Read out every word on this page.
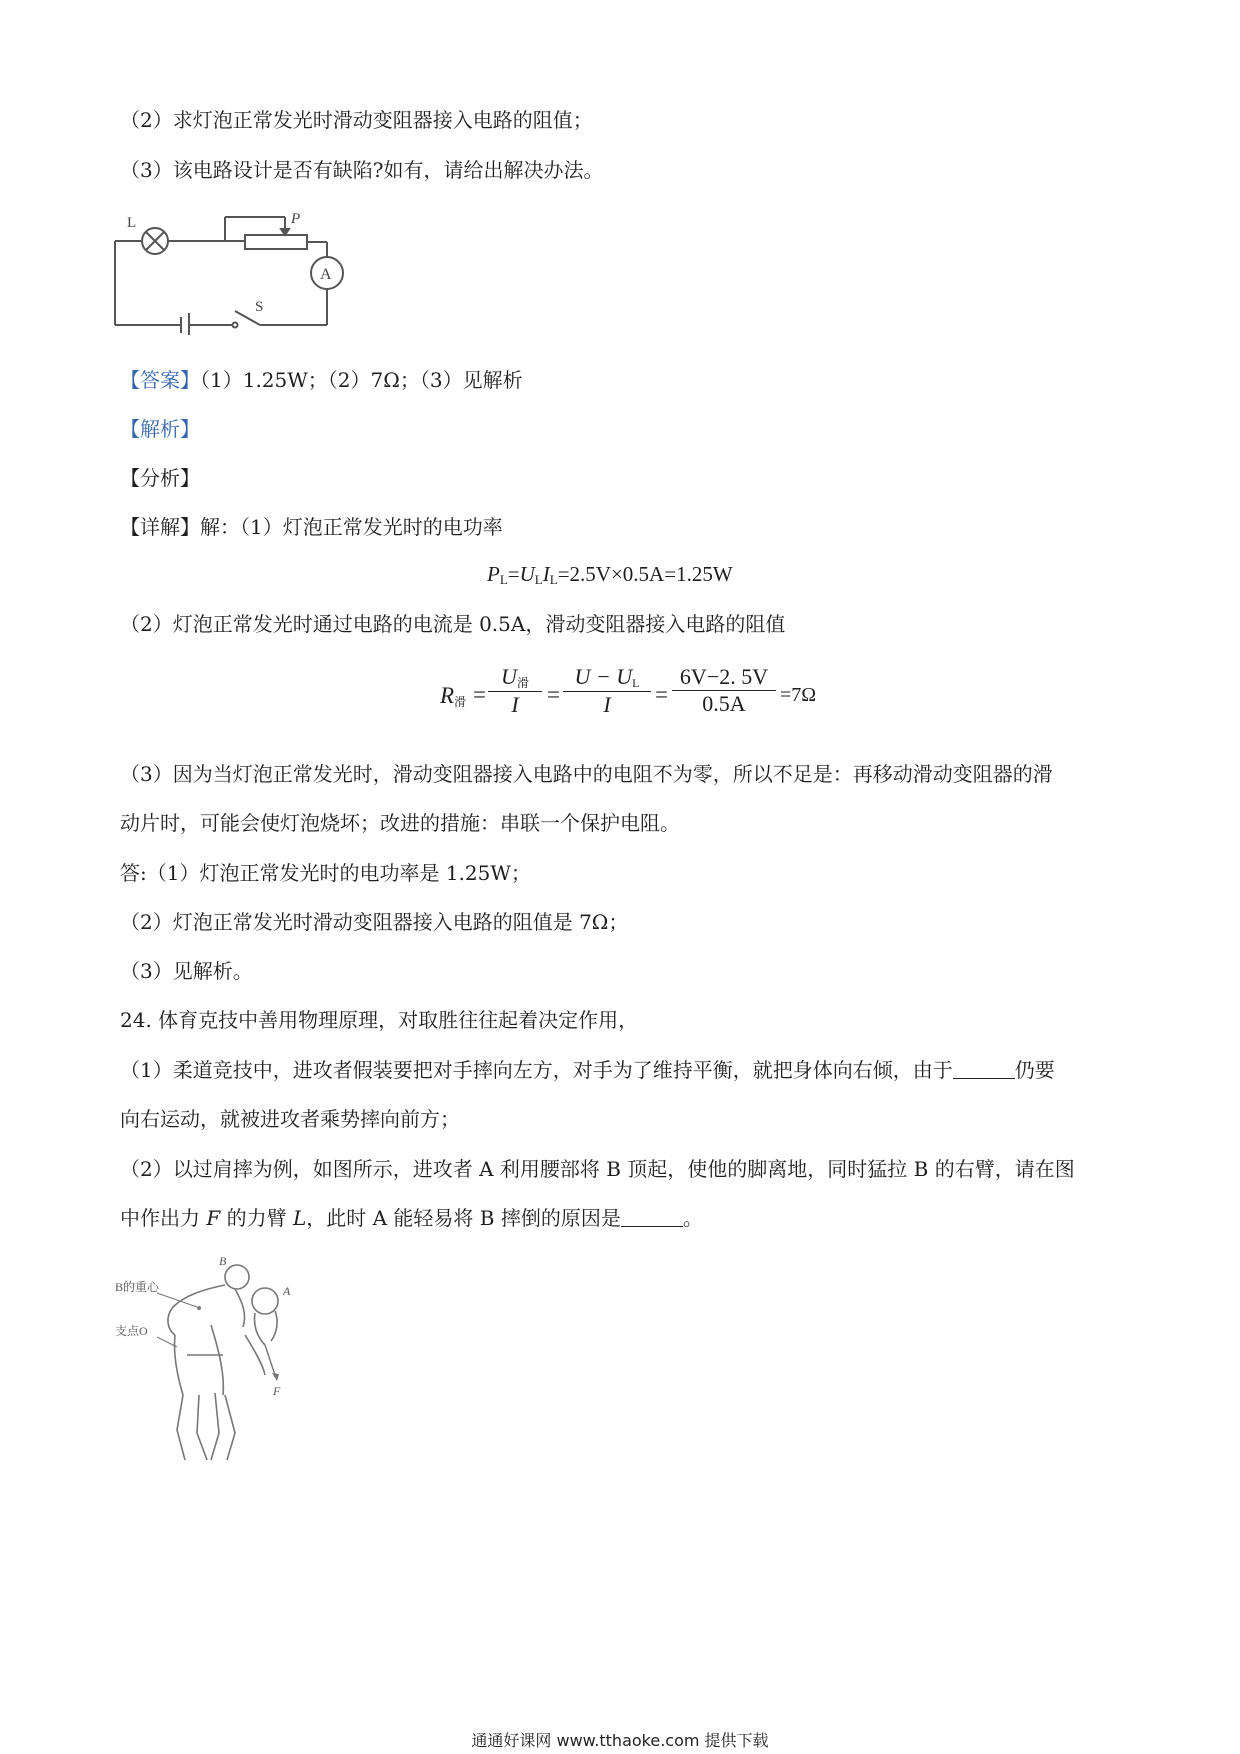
（2）求灯泡正常发光时滑动变阻器接入电路的阻值；
（3）该电路设计是否有缺陷?如有，请给出解决办法。
L	P
A
S
【答案】（1）1.25W；（2）7Ω；（3）见解析
【解析】
【分析】
【详解】解：（1）灯泡正常发光时的电功率
$P_L=U_LI_L=2.5V\times 0.5A=1.25W$
（2）灯泡正常发光时通过电路的电流是 0.5A，滑动变阻器接入电路的阻值
$R_滑$ =
$U_滑$
I	= $\frac{U - U_L}{I} = \frac{6V-2. 5V}{0.5A} =7\Omega$
（3）因为当灯泡正常发光时，滑动变阻器接入电路中的电阻不为零，所以不足是：再移动滑动变阻器的滑
动片时，可能会使灯泡烧坏；改进的措施：串联一个保护电阻。
答:（1）灯泡正常发光时的电功率是 1.25W；
（2）灯泡正常发光时滑动变阻器接入电路的阻值是 7Ω；
（3）见解析。
24. 体育克技中善用物理原理，对取胜往往起着决定作用，
（1）柔道竞技中，进攻者假装要把对手摔向左方，对手为了维持平衡，就把身体向右倾，由于	仍要
向右运动，就被进攻者乘势摔向前方；
（2）以过肩摔为例，如图所示，进攻者 A 利用腰部将 B 顶起，使他的脚离地，同时猛拉 B 的右臂，请在图
中作出力 F 的力臂 L，此时 A 能轻易将 B 摔倒的原因是	。
B的重心
支点O
B
A
F
通通好课网 www.tthaoke.com 提供下载
